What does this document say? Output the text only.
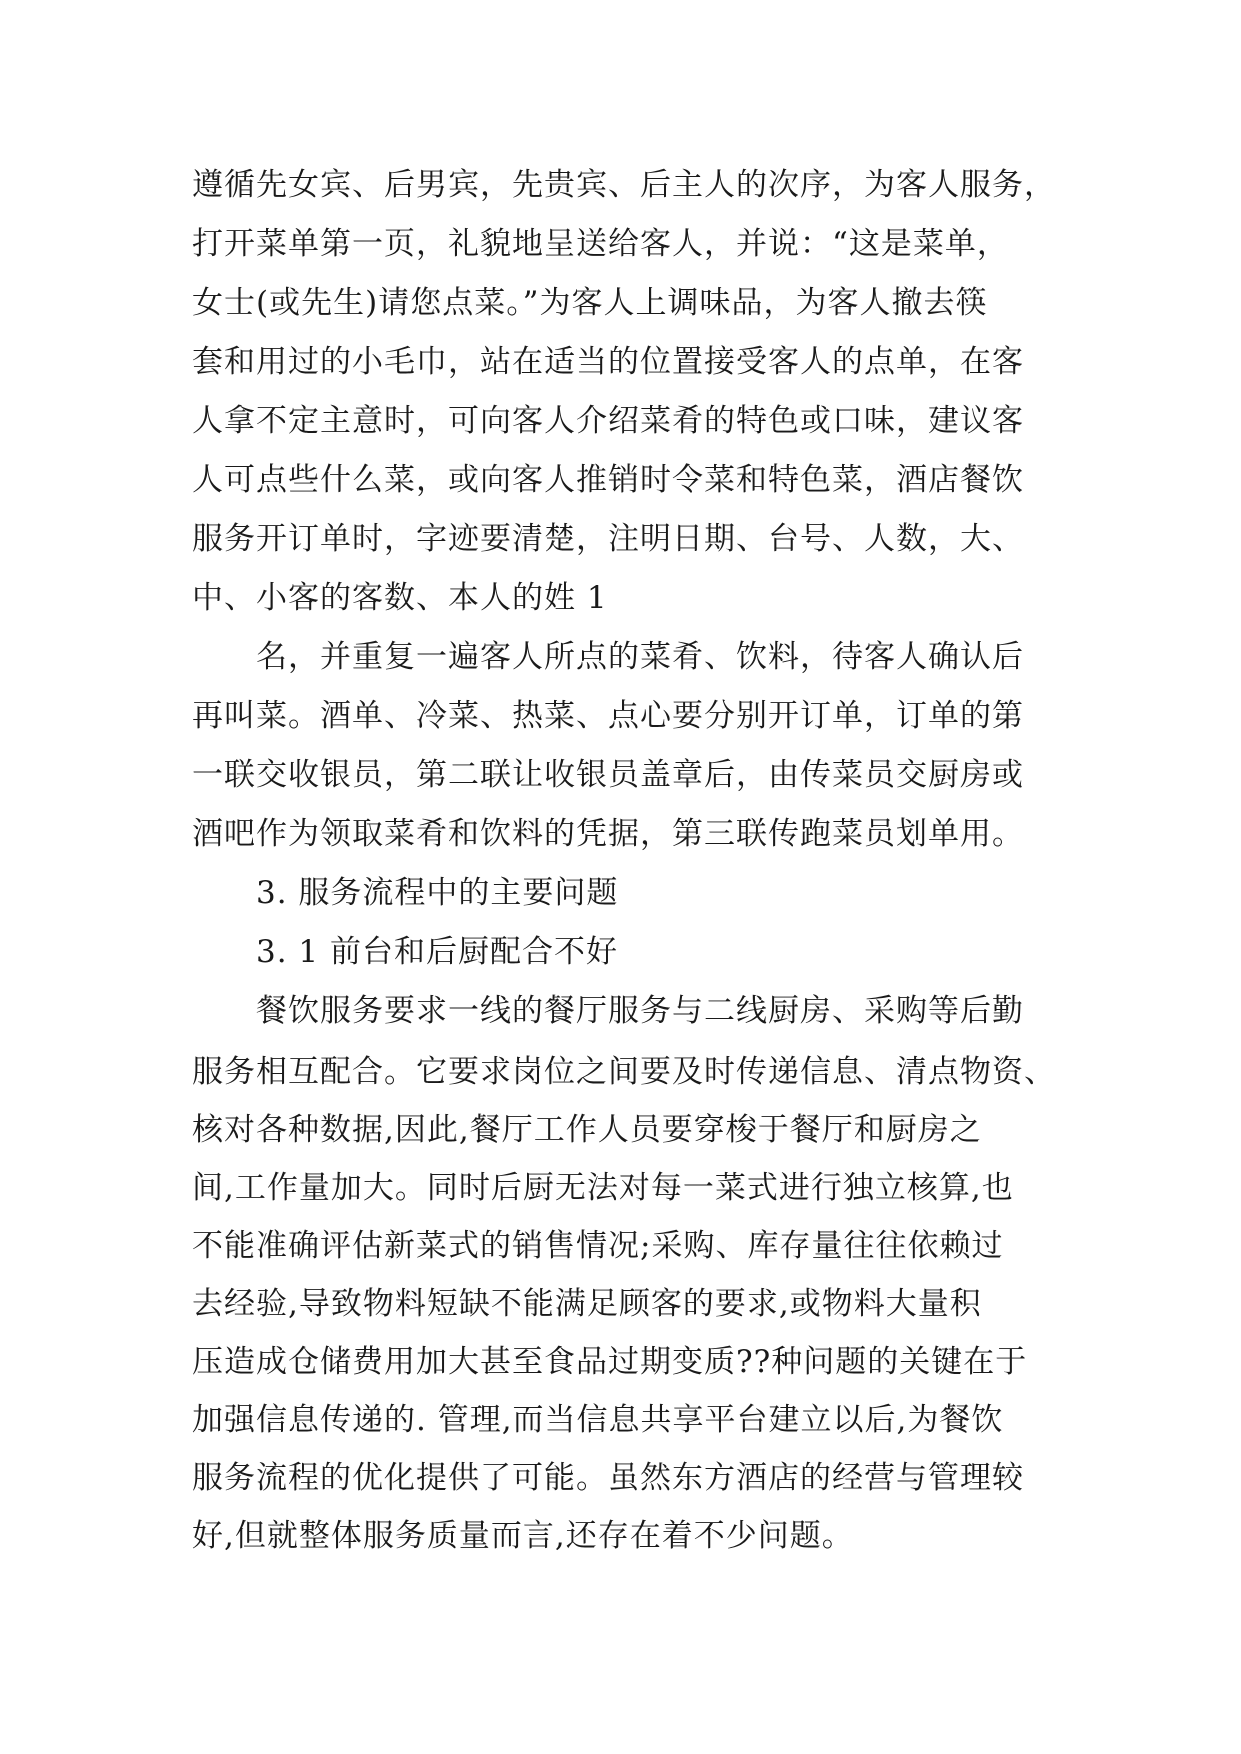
遵循先女宾、后男宾，先贵宾、后主人的次序，为客人服务，
打开菜单第一页，礼貌地呈送给客人，并说：“这是菜单，
女士(或先生)请您点菜。”为客人上调味品，为客人撤去筷
套和用过的小毛巾，站在适当的位置接受客人的点单，在客
人拿不定主意时，可向客人介绍菜肴的特色或口味，建议客
人可点些什么菜，或向客人推销时令菜和特色菜，酒店餐饮
服务开订单时，字迹要清楚，注明日期、台号、人数，大、
中、小客的客数、本人的姓 1
名，并重复一遍客人所点的菜肴、饮料，待客人确认后
再叫菜。酒单、冷菜、热菜、点心要分别开订单，订单的第
一联交收银员，第二联让收银员盖章后，由传菜员交厨房或
酒吧作为领取菜肴和饮料的凭据，第三联传跑菜员划单用。
3. 服务流程中的主要问题
3. 1 前台和后厨配合不好
餐饮服务要求一线的餐厅服务与二线厨房、采购等后勤
服务相互配合。它要求岗位之间要及时传递信息、清点物资、
核对各种数据,因此,餐厅工作人员要穿梭于餐厅和厨房之
间,工作量加大。同时后厨无法对每一菜式进行独立核算,也
不能准确评估新菜式的销售情况;采购、库存量往往依赖过
去经验,导致物料短缺不能满足顾客的要求,或物料大量积
压造成仓储费用加大甚至食品过期变质??种问题的关键在于
加强信息传递的. 管理,而当信息共享平台建立以后,为餐饮
服务流程的优化提供了可能。虽然东方酒店的经营与管理较
好,但就整体服务质量而言,还存在着不少问题。
